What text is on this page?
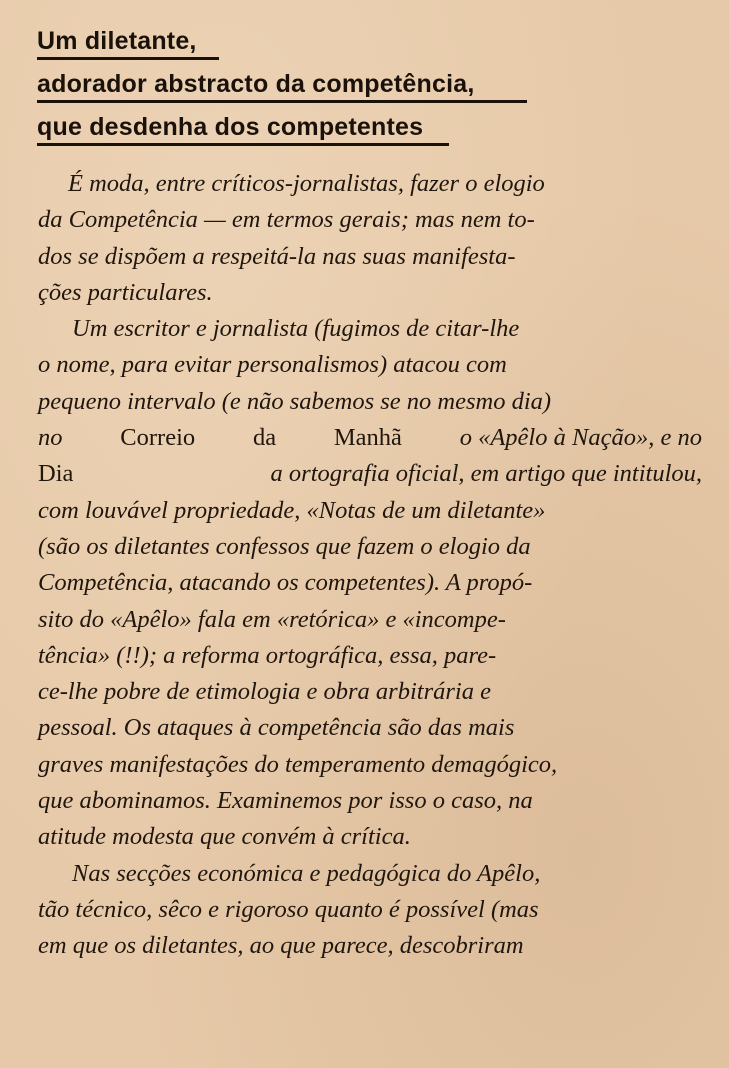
Um diletante,
adorador abstracto da competência,
que desdenha dos competentes
É moda, entre críticos-jornalistas, fazer o elogio
da Competência — em termos gerais; mas nem to-
dos se dispõem a respeitá-la nas suas manifesta-
ções particulares.
Um escritor e jornalista (fugimos de citar-lhe
o nome, para evitar personalismos) atacou com
pequeno intervalo (e não sabemos se no mesmo dia)
no Correio da Manhã o «Apêlo à Nação», e no
Dia	a ortografia oficial, em artigo que intitulou,
com louvável propriedade, «Notas de um diletante»
(são os diletantes confessos que fazem o elogio da
Competência, atacando os competentes). A propó-
sito do «Apêlo» fala em «retórica» e «incompe-
tência» (!!); a reforma ortográfica, essa, pare-
ce-lhe pobre de etimologia e obra arbitrária e
pessoal. Os ataques à competência são das mais
graves manifestações do temperamento demagógico,
que abominamos. Examinemos por isso o caso, na
atitude modesta que convém à crítica.
Nas secções económica e pedagógica do Apêlo,
tão técnico, sêco e rigoroso quanto é possível (mas
em que os diletantes, ao que parece, descobriram
